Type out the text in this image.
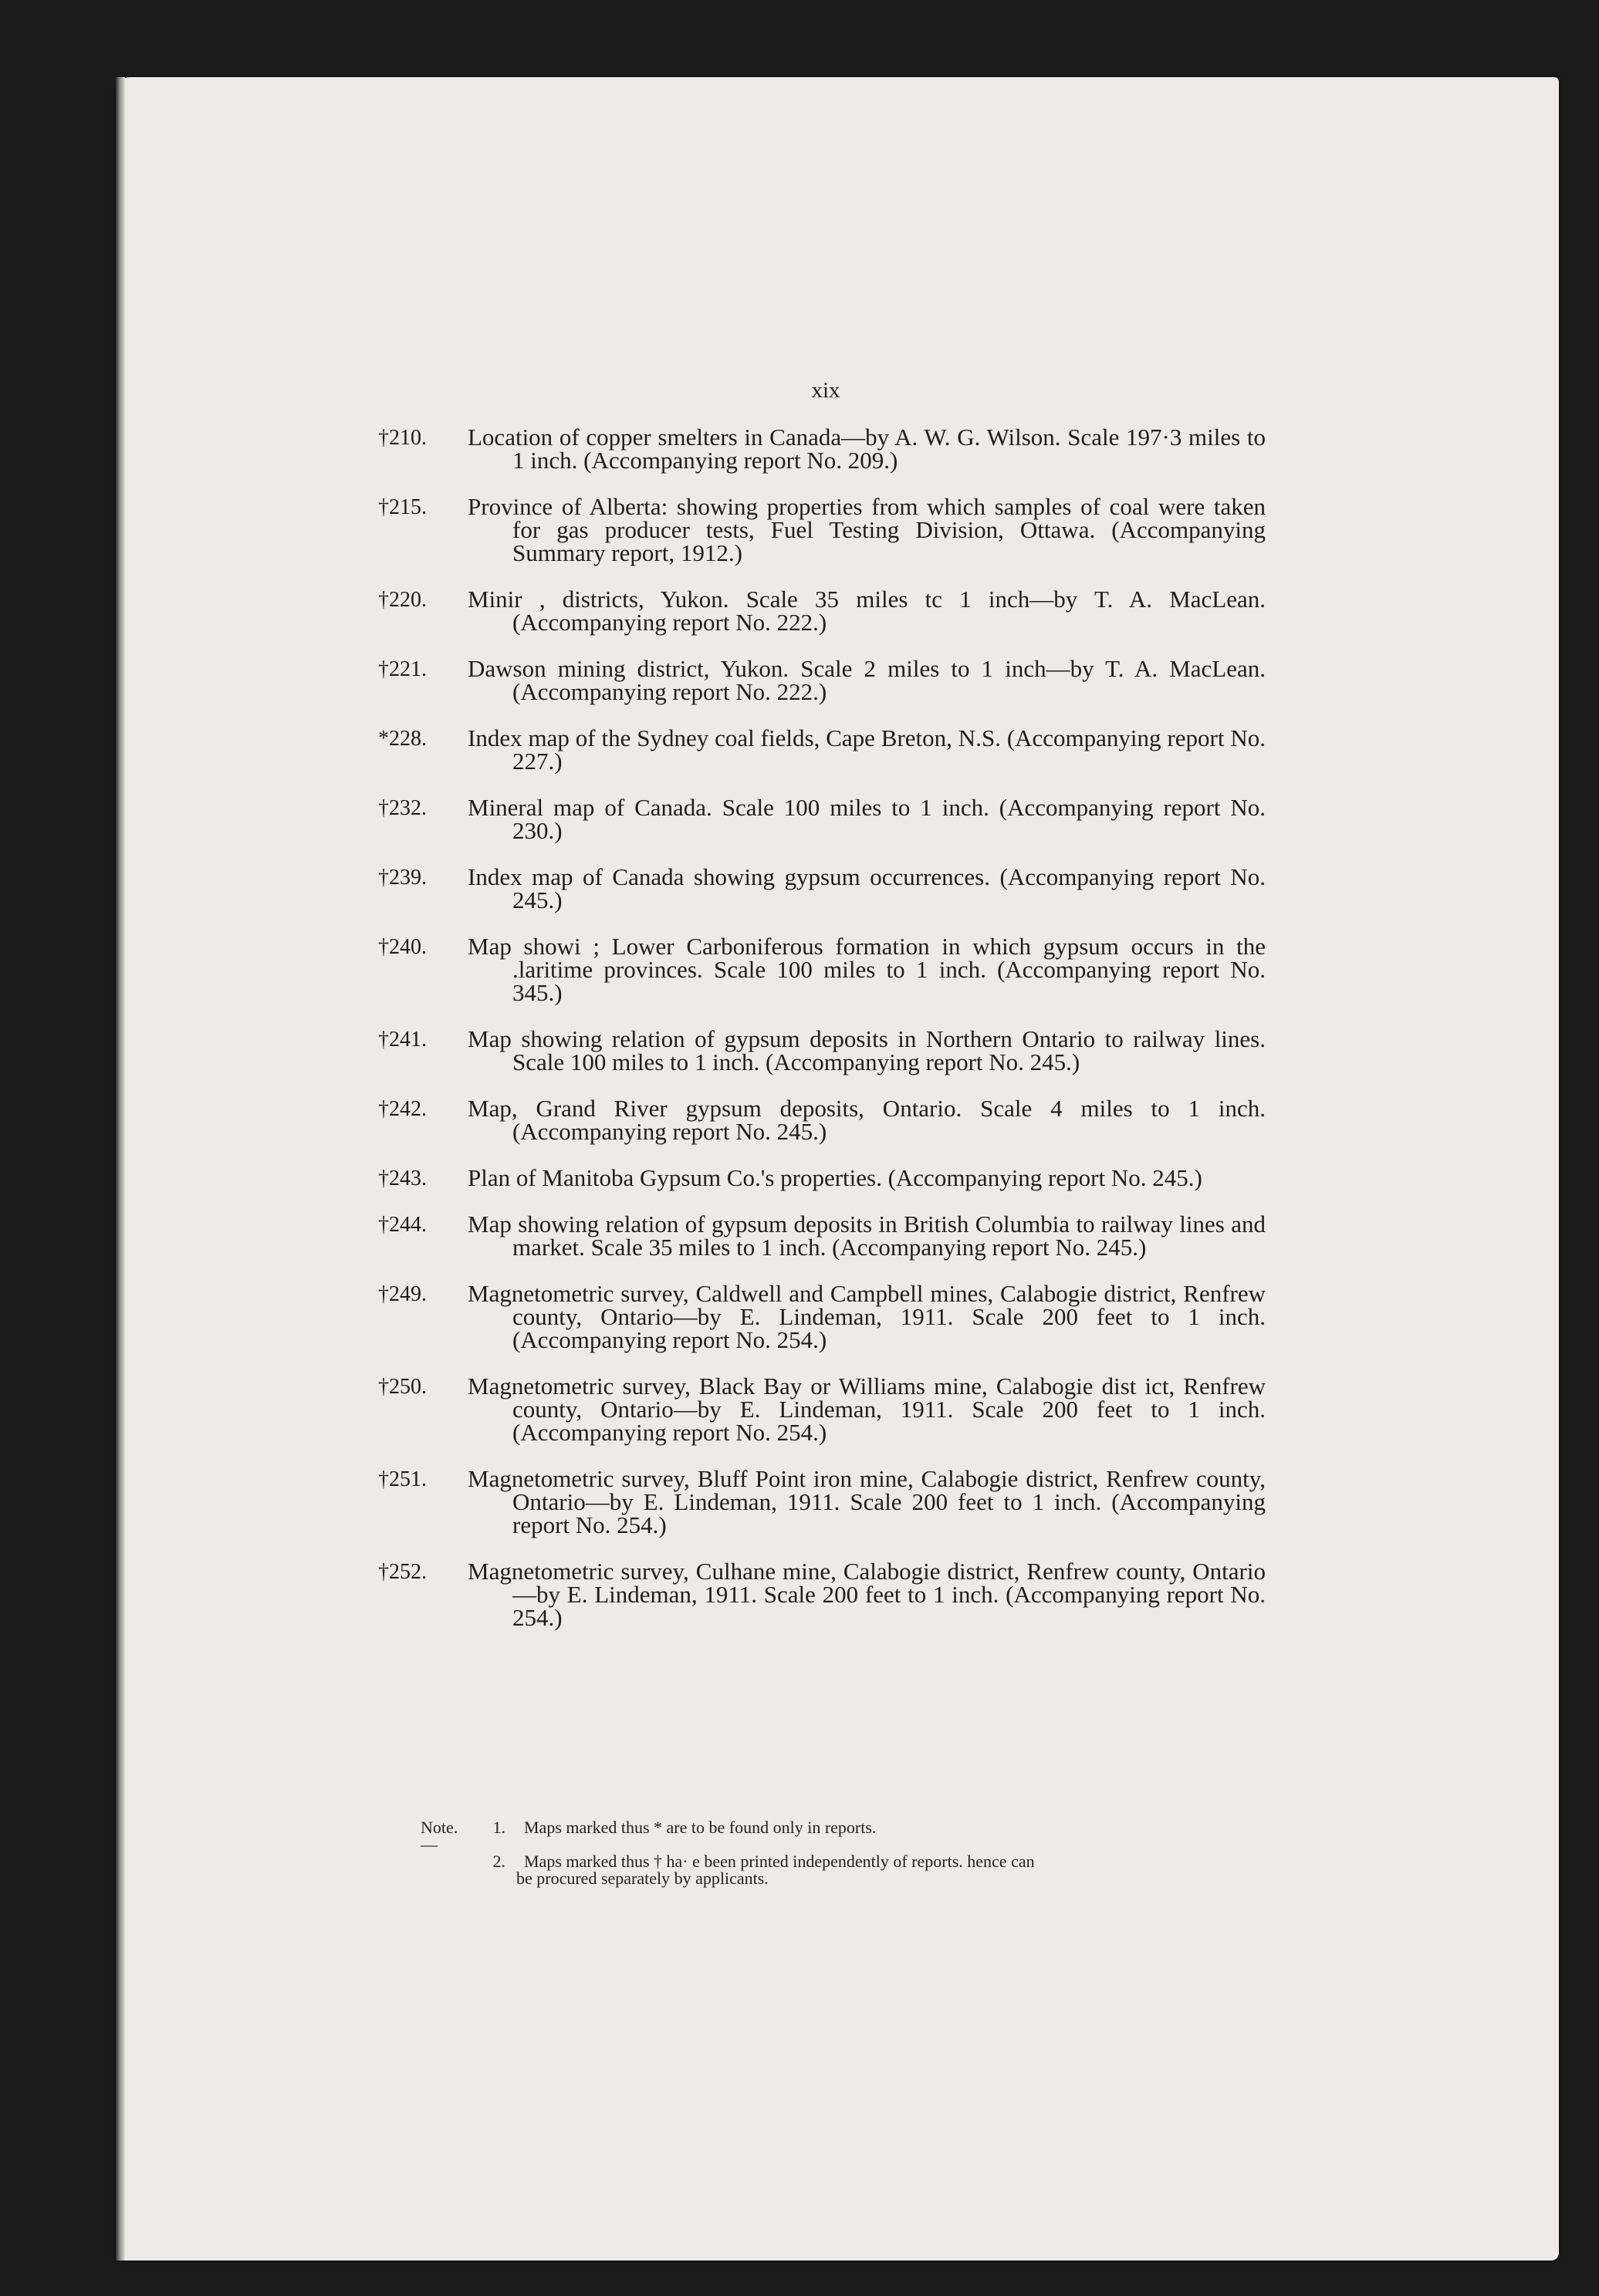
xix
†210. Location of copper smelters in Canada—by A. W. G. Wilson. Scale 197·3 miles to 1 inch. (Accompanying report No. 209.)
†215. Province of Alberta: showing properties from which samples of coal were taken for gas producer tests, Fuel Testing Division, Ottawa. (Accompanying Summary report, 1912.)
†220. Minir , districts, Yukon. Scale 35 miles tc 1 inch—by T. A. MacLean. (Accompanying report No. 222.)
†221. Dawson mining district, Yukon. Scale 2 miles to 1 inch—by T. A. MacLean. (Accompanying report No. 222.)
*228. Index map of the Sydney coal fields, Cape Breton, N.S. (Accompanying report No. 227.)
†232. Mineral map of Canada. Scale 100 miles to 1 inch. (Accompanying report No. 230.)
†239. Index map of Canada showing gypsum occurrences. (Accompanying report No. 245.)
†240. Map showi ; Lower Carboniferous formation in which gypsum occurs in the .laritime provinces. Scale 100 miles to 1 inch. (Accompanying report No. 345.)
†241. Map showing relation of gypsum deposits in Northern Ontario to railway lines. Scale 100 miles to 1 inch. (Accompanying report No. 245.)
†242. Map, Grand River gypsum deposits, Ontario. Scale 4 miles to 1 inch. (Accompanying report No. 245.)
†243. Plan of Manitoba Gypsum Co.'s properties. (Accompanying report No. 245.)
†244. Map showing relation of gypsum deposits in British Columbia to railway lines and market. Scale 35 miles to 1 inch. (Accompanying report No. 245.)
†249. Magnetometric survey, Caldwell and Campbell mines, Calabogie district, Renfrew county, Ontario—by E. Lindeman, 1911. Scale 200 feet to 1 inch. (Accompanying report No. 254.)
†250. Magnetometric survey, Black Bay or Williams mine, Calabogie dist ict, Renfrew county, Ontario—by E. Lindeman, 1911. Scale 200 feet to 1 inch. (Accompanying report No. 254.)
†251. Magnetometric survey, Bluff Point iron mine, Calabogie district, Renfrew county, Ontario—by E. Lindeman, 1911. Scale 200 feet to 1 inch. (Accompanying report No. 254.)
†252. Magnetometric survey, Culhane mine, Calabogie district, Renfrew county, Ontario—by E. Lindeman, 1911. Scale 200 feet to 1 inch. (Accompanying report No. 254.)
Note.—
1.	Maps marked thus * are to be found only in reports.
2.	Maps marked thus † ha· e been printed independently of reports. hence can
be procured separately by applicants.
